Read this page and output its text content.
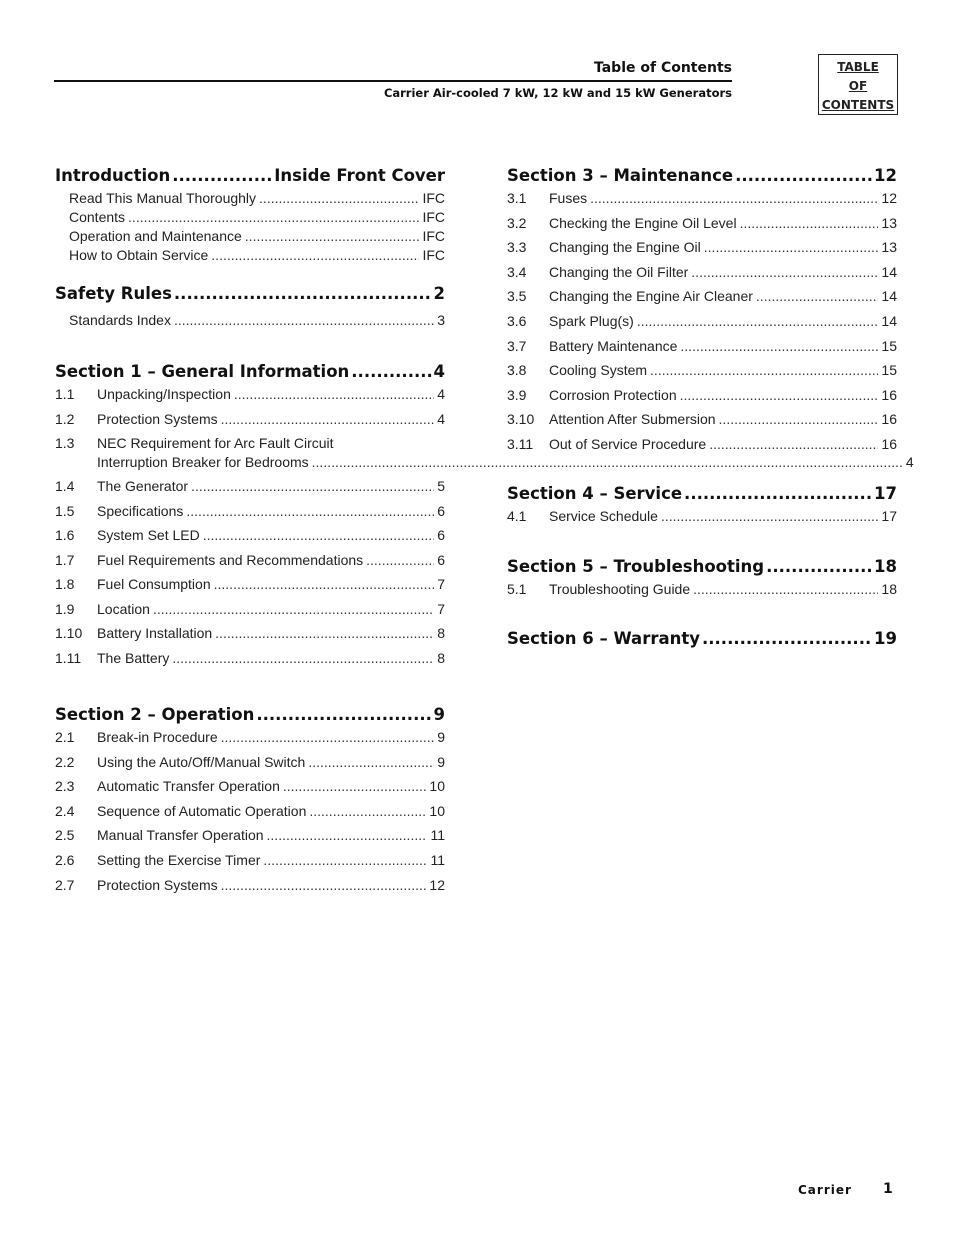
Table of Contents
Carrier Air-cooled 7 kW, 12 kW and 15 kW Generators
TABLE
OF
CONTENTS
Introduction .....	Inside Front Cover
Read This Manual Thoroughly .....	IFC
Contents .....	IFC
Operation and Maintenance .....	IFC
How to Obtain Service .....	IFC
Safety Rules .....	2
Standards Index .....	3
Section 1 – General Information .....	4
1.1	Unpacking/Inspection .....	4
1.2	Protection Systems .....	4
1.3	NEC Requirement for Arc Fault Circuit
Interruption Breaker for Bedrooms .....	4
1.4	The Generator .....	5
1.5	Specifications .....	6
1.6	System Set LED .....	6
1.7	Fuel Requirements and Recommendations .....	6
1.8	Fuel Consumption .....	7
1.9	Location .....	7
1.10	Battery Installation .....	8
1.11	The Battery .....	8
Section 2 – Operation .....	9
2.1	Break-in Procedure .....	9
2.2	Using the Auto/Off/Manual Switch .....	9
2.3	Automatic Transfer Operation .....	10
2.4	Sequence of Automatic Operation .....	10
2.5	Manual Transfer Operation .....	11
2.6	Setting the Exercise Timer .....	11
2.7	Protection Systems .....	12
Section 3 – Maintenance .....	12
3.1	Fuses .....	12
3.2	Checking the Engine Oil Level .....	13
3.3	Changing the Engine Oil .....	13
3.4	Changing the Oil Filter .....	14
3.5	Changing the Engine Air Cleaner .....	14
3.6	Spark Plug(s) .....	14
3.7	Battery Maintenance .....	15
3.8	Cooling System .....	15
3.9	Corrosion Protection .....	16
3.10	Attention After Submersion .....	16
3.11	Out of Service Procedure .....	16
Section 4 – Service .....	17
4.1	Service Schedule .....	17
Section 5 – Troubleshooting .....	18
5.1	Troubleshooting Guide .....	18
Section 6 – Warranty .....	19
Carrier 1
